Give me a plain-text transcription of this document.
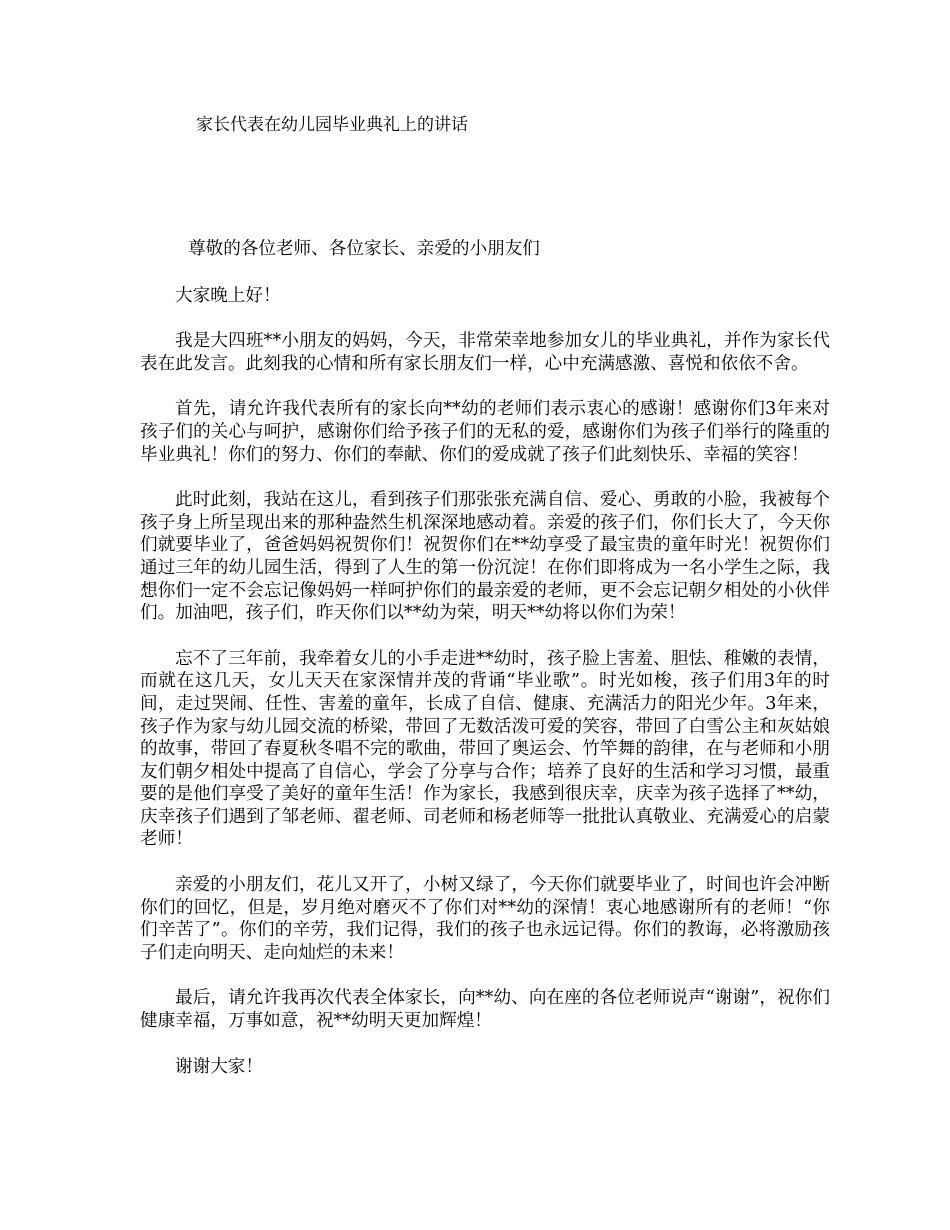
家长代表在幼儿园毕业典礼上的讲话

尊敬的各位老师、各位家长、亲爱的小朋友们

大家晚上好！

我是大四班**小朋友的妈妈，今天，非常荣幸地参加女儿的毕业典礼，并作为家长代表在此发言。此刻我的心情和所有家长朋友们一样，心中充满感激、喜悦和依依不舍。

首先，请允许我代表所有的家长向**幼的老师们表示衷心的感谢！感谢你们3年来对孩子们的关心与呵护，感谢你们给予孩子们的无私的爱，感谢你们为孩子们举行的隆重的毕业典礼！你们的努力、你们的奉献、你们的爱成就了孩子们此刻快乐、幸福的笑容！

此时此刻，我站在这儿，看到孩子们那张张充满自信、爱心、勇敢的小脸，我被每个孩子身上所呈现出来的那种盎然生机深深地感动着。亲爱的孩子们，你们长大了，今天你们就要毕业了，爸爸妈妈祝贺你们！祝贺你们在**幼享受了最宝贵的童年时光！祝贺你们通过三年的幼儿园生活，得到了人生的第一份沉淀！在你们即将成为一名小学生之际，我想你们一定不会忘记像妈妈一样呵护你们的最亲爱的老师，更不会忘记朝夕相处的小伙伴们。加油吧，孩子们，昨天你们以**幼为荣，明天**幼将以你们为荣！

忘不了三年前，我牵着女儿的小手走进**幼时，孩子脸上害羞、胆怯、稚嫩的表情，而就在这几天，女儿天天在家深情并茂的背诵“毕业歌”。时光如梭，孩子们用3年的时间，走过哭闹、任性、害羞的童年，长成了自信、健康、充满活力的阳光少年。3年来，孩子作为家与幼儿园交流的桥梁，带回了无数活泼可爱的笑容，带回了白雪公主和灰姑娘的故事，带回了春夏秋冬唱不完的歌曲，带回了奥运会、竹竿舞的韵律，在与老师和小朋友们朝夕相处中提高了自信心，学会了分享与合作；培养了良好的生活和学习习惯，最重要的是他们享受了美好的童年生活！作为家长，我感到很庆幸，庆幸为孩子选择了**幼，庆幸孩子们遇到了邹老师、翟老师、司老师和杨老师等一批批认真敬业、充满爱心的启蒙老师！

亲爱的小朋友们，花儿又开了，小树又绿了，今天你们就要毕业了，时间也许会冲断你们的回忆，但是，岁月绝对磨灭不了你们对**幼的深情！衷心地感谢所有的老师！“你们辛苦了”。你们的辛劳，我们记得，我们的孩子也永远记得。你们的教诲，必将激励孩子们走向明天、走向灿烂的未来！

最后，请允许我再次代表全体家长，向**幼、向在座的各位老师说声“谢谢”，祝你们健康幸福，万事如意，祝**幼明天更加辉煌！

谢谢大家！
